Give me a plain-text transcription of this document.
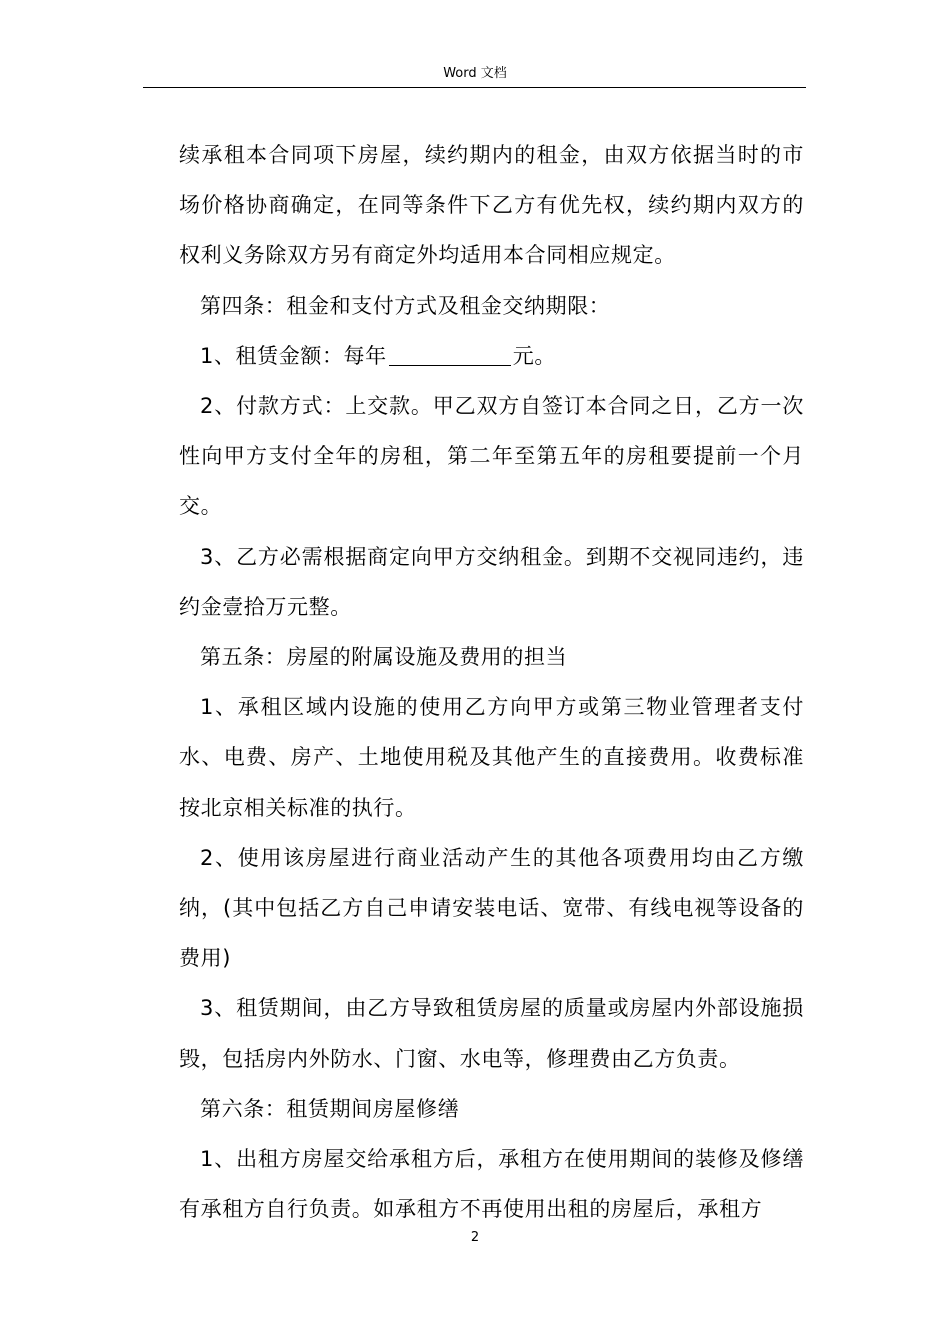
Word 文档

续承租本合同项下房屋，续约期内的租金，由双方依据当时的市场价格协商确定，在同等条件下乙方有优先权，续约期内双方的权利义务除双方另有商定外均适用本合同相应规定。

第四条：租金和支付方式及租金交纳期限：

1、租赁金额：每年	元。

2、付款方式：上交款。甲乙双方自签订本合同之日，乙方一次性向甲方支付全年的房租，第二年至第五年的房租要提前一个月交。

3、乙方必需根据商定向甲方交纳租金。到期不交视同违约，违约金壹拾万元整。

第五条：房屋的附属设施及费用的担当

1、承租区域内设施的使用乙方向甲方或第三物业管理者支付水、电费、房产、土地使用税及其他产生的直接费用。收费标准按北京相关标准的执行。

2、使用该房屋进行商业活动产生的其他各项费用均由乙方缴纳，(其中包括乙方自己申请安装电话、宽带、有线电视等设备的费用)

3、租赁期间，由乙方导致租赁房屋的质量或房屋内外部设施损毁，包括房内外防水、门窗、水电等，修理费由乙方负责。

第六条：租赁期间房屋修缮

1、出租方房屋交给承租方后，承租方在使用期间的装修及修缮有承租方自行负责。如承租方不再使用出租的房屋后，承租方

2
